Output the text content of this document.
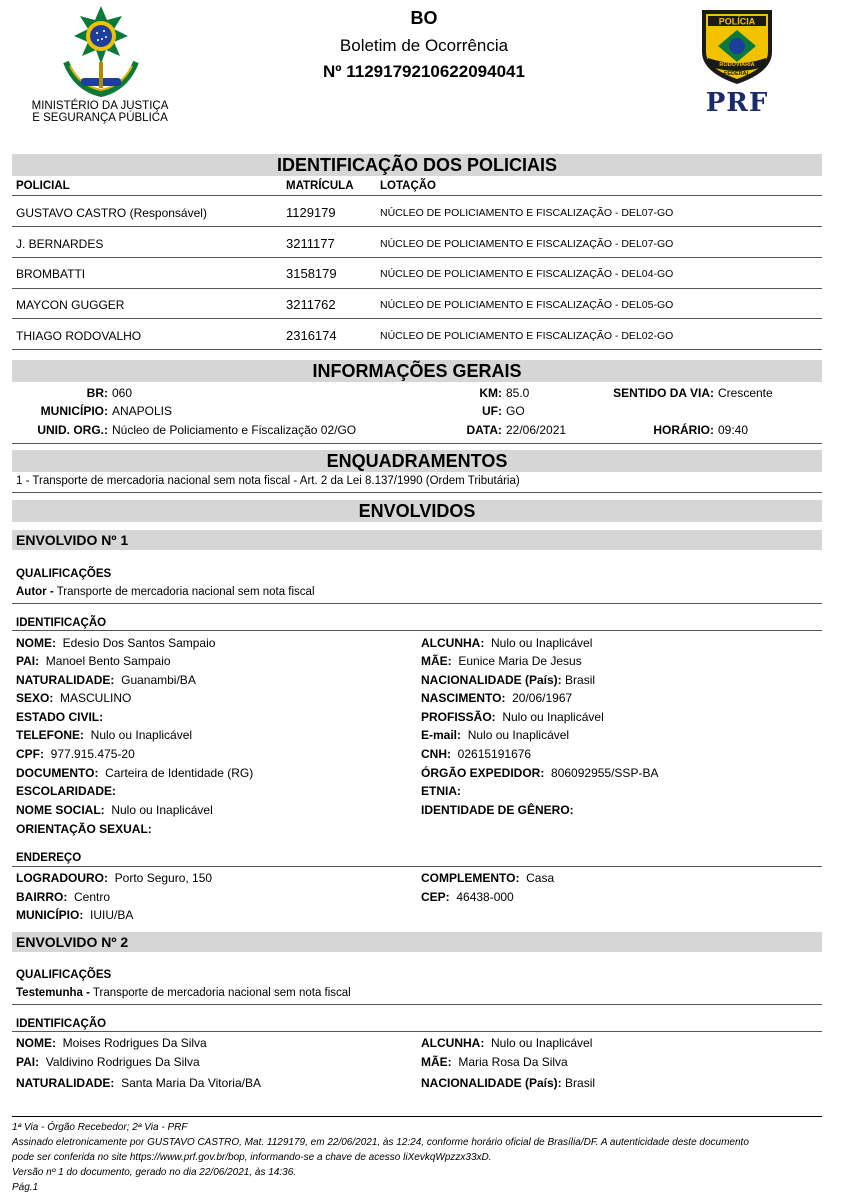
MINISTÉRIO DA JUSTIÇA
E SEGURANÇA PÚBLICA
BO
Boletim de Ocorrência
Nº 1129179210622094041
POLÍCIA
RODOVIÁRIA
FEDERAL
PRF
IDENTIFICAÇÃO DOS POLICIAIS
POLICIAL	MATRÍCULA LOTAÇÃO
GUSTAVO CASTRO (Responsável)	1129179	NÚCLEO DE POLICIAMENTO E FISCALIZAÇÃO - DEL07-GO
J. BERNARDES	3211177	NÚCLEO DE POLICIAMENTO E FISCALIZAÇÃO - DEL07-GO
BROMBATTI	3158179	NÚCLEO DE POLICIAMENTO E FISCALIZAÇÃO - DEL04-GO
MAYCON GUGGER	3211762	NÚCLEO DE POLICIAMENTO E FISCALIZAÇÃO - DEL05-GO
THIAGO RODOVALHO	2316174	NÚCLEO DE POLICIAMENTO E FISCALIZAÇÃO - DEL02-GO
INFORMAÇÕES GERAIS
BR: 060	KM: 85.0	SENTIDO DA VIA: Crescente
MUNICÍPIO: ANAPOLIS	UF: GO
UNID. ORG.: Núcleo de Policiamento e Fiscalização 02/GO	DATA: 22/06/2021	HORÁRIO: 09:40
ENQUADRAMENTOS
1 - Transporte de mercadoria nacional sem nota fiscal - Art. 2 da Lei 8.137/1990 (Ordem Tributária)
ENVOLVIDOS
ENVOLVIDO Nº 1
QUALIFICAÇÕES
Autor - Transporte de mercadoria nacional sem nota fiscal
IDENTIFICAÇÃO
NOME: Edesio Dos Santos Sampaio	ALCUNHA: Nulo ou Inaplicável
PAI: Manoel Bento Sampaio	MÃE: Eunice Maria De Jesus
NATURALIDADE: Guanambi/BA	NACIONALIDADE (País): Brasil
SEXO: MASCULINO	NASCIMENTO: 20/06/1967
ESTADO CIVIL:	PROFISSÃO: Nulo ou Inaplicável
TELEFONE: Nulo ou Inaplicável	E-mail: Nulo ou Inaplicável
CPF: 977.915.475-20	CNH: 02615191676
DOCUMENTO: Carteira de Identidade (RG)	ÓRGÃO EXPEDIDOR: 806092955/SSP-BA
ESCOLARIDADE:	ETNIA:
NOME SOCIAL: Nulo ou Inaplicável	IDENTIDADE DE GÊNERO:
ORIENTAÇÃO SEXUAL:
ENDEREÇO
LOGRADOURO: Porto Seguro, 150	COMPLEMENTO: Casa
BAIRRO: Centro	CEP: 46438-000
MUNICÍPIO: IUIU/BA
ENVOLVIDO Nº 2
QUALIFICAÇÕES
Testemunha - Transporte de mercadoria nacional sem nota fiscal
IDENTIFICAÇÃO
NOME: Moises Rodrigues Da Silva	ALCUNHA: Nulo ou Inaplicável
PAI: Valdivino Rodrigues Da Silva	MÃE: Maria Rosa Da Silva
NATURALIDADE: Santa Maria Da Vitoria/BA	NACIONALIDADE (País): Brasil
1ª Via - Órgão Recebedor; 2ª Via - PRF
Assinado eletronicamente por GUSTAVO CASTRO, Mat. 1129179, em 22/06/2021, às 12:24, conforme horário oficial de Brasília/DF. A autenticidade deste documento
pode ser conferida no site https://www.prf.gov.br/bop, informando-se a chave de acesso liXevkqWpzzx33xD.
Versão nº 1 do documento, gerado no dia 22/06/2021, às 14:36.
Pág.1
